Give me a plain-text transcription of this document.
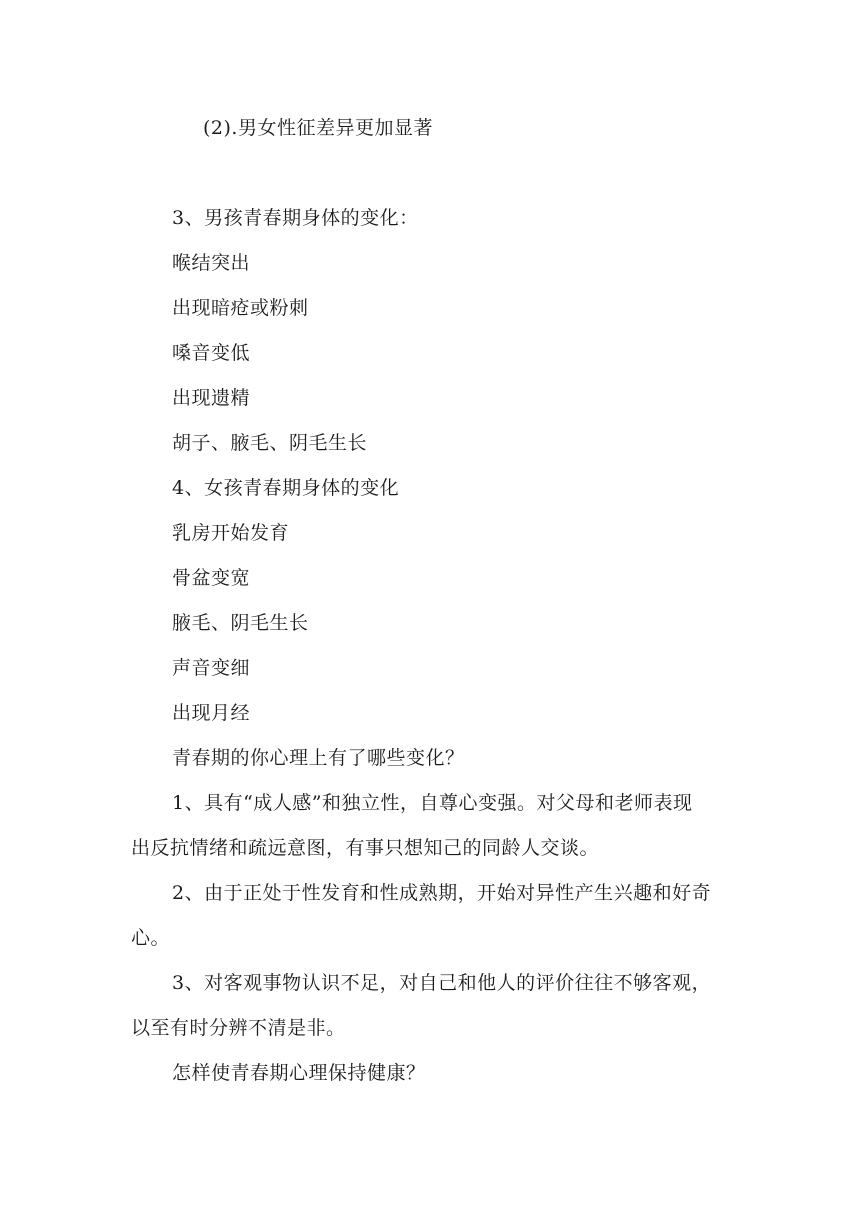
(2).男女性征差异更加显著
3、男孩青春期身体的变化：
喉结突出
出现暗疮或粉刺
嗓音变低
出现遗精
胡子、腋毛、阴毛生长
4、女孩青春期身体的变化
乳房开始发育
骨盆变宽
腋毛、阴毛生长
声音变细
出现月经
青春期的你心理上有了哪些变化？
1、具有“成人感”和独立性，自尊心变强。对父母和老师表现
出反抗情绪和疏远意图，有事只想知己的同龄人交谈。
2、由于正处于性发育和性成熟期，开始对异性产生兴趣和好奇
心。
3、对客观事物认识不足，对自己和他人的评价往往不够客观，
以至有时分辨不清是非。
怎样使青春期心理保持健康？
